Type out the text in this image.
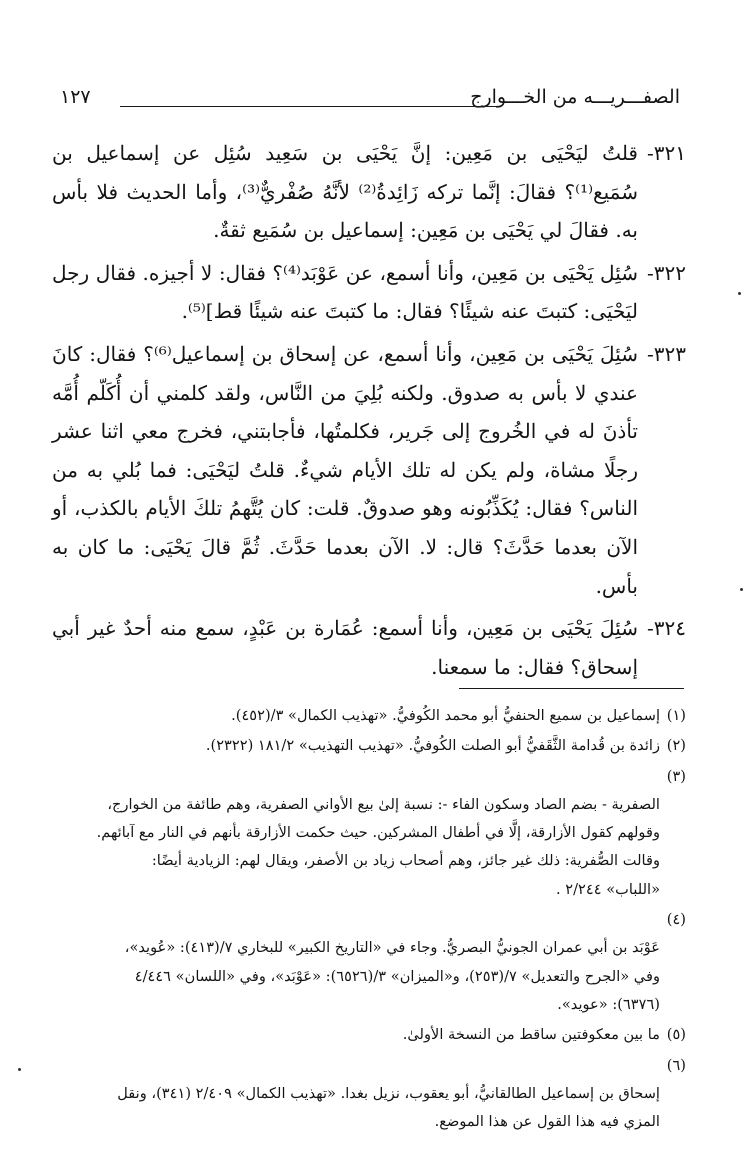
الصفـــريـــه من الخـــوارج
١٢٧

٣٢١-قلتُ ليَحْيَى بن مَعِين: إنَّ يَحْيَى بن سَعِيد سُئِل عن إسماعيل بن سُمَيع⁽¹⁾؟ فقالَ: إنَّما تركه زَائِدةُ⁽²⁾ لأنَّهُ صُفْريٌّ⁽³⁾، وأما الحديث فلا بأس به. فقالَ لي يَحْيَى بن مَعِين: إسماعيل بن سُمَيع ثقةٌ.

٣٢٢-سُئِل يَحْيَى بن مَعِين، وأنا أسمع، عن عَوْبَد⁽⁴⁾؟ فقال: لا أجيزه. فقال رجل ليَحْيَى: كتبتَ عنه شيئًا؟ فقال: ما كتبتَ عنه شيئًا قط]⁽⁵⁾.

٣٢٣-سُئِلَ يَحْيَى بن مَعِين، وأنا أسمع، عن إسحاق بن إسماعيل⁽⁶⁾؟ فقال: كانَ عندي لا بأس به صدوق. ولكنه بُلِيَ من النَّاس، ولقد كلمني أن أُكَلّم أُمَّه تأذنَ له في الخُروج إلى جَرير، فكلمتُها، فأجابتني، فخرج معي اثنا عشر رجلًا مشاة، ولم يكن له تلك الأيام شيءٌ. قلتُ ليَحْيَى: فما بُلي به من الناس؟ فقال: يُكَذِّبُونه وهو صدوقٌ. قلت: كان يُتَّهمُ تلكَ الأيام بالكذب، أو الآن بعدما حَدَّثَ؟ قال: لا. الآن بعدما حَدَّثَ. ثُمَّ قالَ يَحْيَى: ما كان به بأس.

٣٢٤-سُئِلَ يَحْيَى بن مَعِين، وأنا أسمع: عُمَارة بن عَبْدٍ، سمع منه أحدٌ غير أبي إسحاق؟ فقال: ما سمعنا.

(١)إسماعيل بن سميع الحنفيُّ أبو محمد الكُوفيُّ. «تهذيب الكمال» ٣/(٤٥٢).

(٢)زائدة بن قُدامة الثَّقَفيُّ أبو الصلت الكُوفيُّ. «تهذيب التهذيب» ١٨١/٢ (٢٣٢٢).

(٣)
الصفرية - بضم الصاد وسكون الفاء -: نسبة إلىٰ بيع الأواني الصفرية، وهم طائفة من الخوارج،
وقولهم كقول الأزارقة، إلَّا في أطفال المشركين. حيث حكمت الأزارقة بأنهم في النار مع آبائهم.
وقالت الصُّفرية: ذلك غير جائز، وهم أصحاب زياد بن الأصفر، ويقال لهم: الزيادية أيضًا:
«اللباب» ٢/٢٤٤ .

(٤)
عَوْبَد بن أبي عمران الجونيُّ البصريُّ. وجاء في «التاريخ الكبير» للبخاري ٧/(٤١٣): «عُويد»،
وفي «الجرح والتعديل» ٧/(٢٥٣)، و«الميزان» ٣/(٦٥٢٦): «عَوْبَد»، وفي «اللسان» ٤/٤٤٦
(٦٣٧٦): «عويد».

(٥)ما بين معكوفتين ساقط من النسخة الأولىٰ.

(٦)
إسحاق بن إسماعيل الطالقانيُّ، أبو يعقوب، نزيل بغدا. «تهذيب الكمال» ٢/٤٠٩ (٣٤١)، ونقل
المزي فيه هذا القول عن هذا الموضع.
